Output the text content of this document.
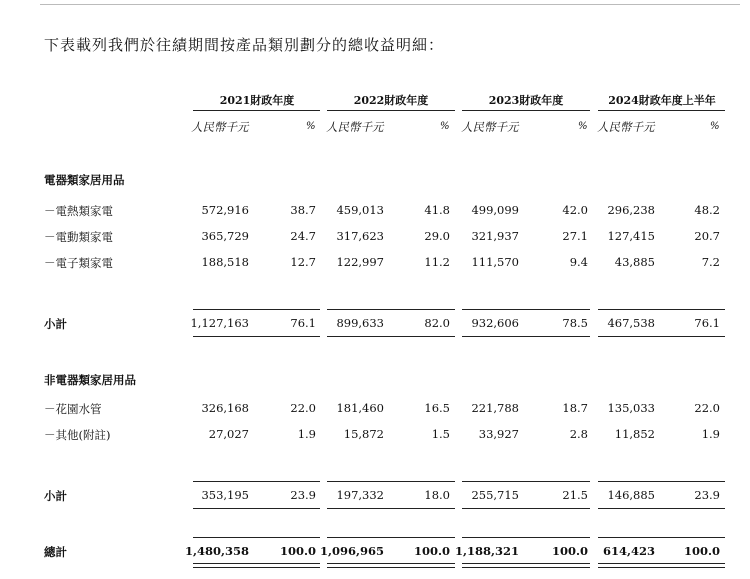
下表載列我們於往績期間按產品類別劃分的總收益明細：
2021財政年度
人民幣千元	%
2022財政年度
人民幣千元	%
2023財政年度
人民幣千元	%
2024財政年度上半年
人民幣千元	%
電器類家居用品
－電熱類家電	572,916	38.7	459,013	41.8	499,099	42.0	296,238	48.2
－電動類家電	365,729	24.7	317,623	29.0	321,937	27.1	127,415	20.7
－電子類家電	188,518	12.7	122,997	11.2	111,570	9.4	43,885	7.2
小計	1,127,163	76.1	899,633	82.0	932,606	78.5	467,538	76.1
非電器類家居用品
－花園水管	326,168	22.0	181,460	16.5	221,788	18.7	135,033	22.0
－其他(附註)	27,027	1.9	15,872	1.5	33,927	2.8	11,852	1.9
小計	353,195	23.9	197,332	18.0	255,715	21.5	146,885	23.9
總計	1,480,358	100.0 1,096,965	100.0 1,188,321	100.0	614,423	100.0
